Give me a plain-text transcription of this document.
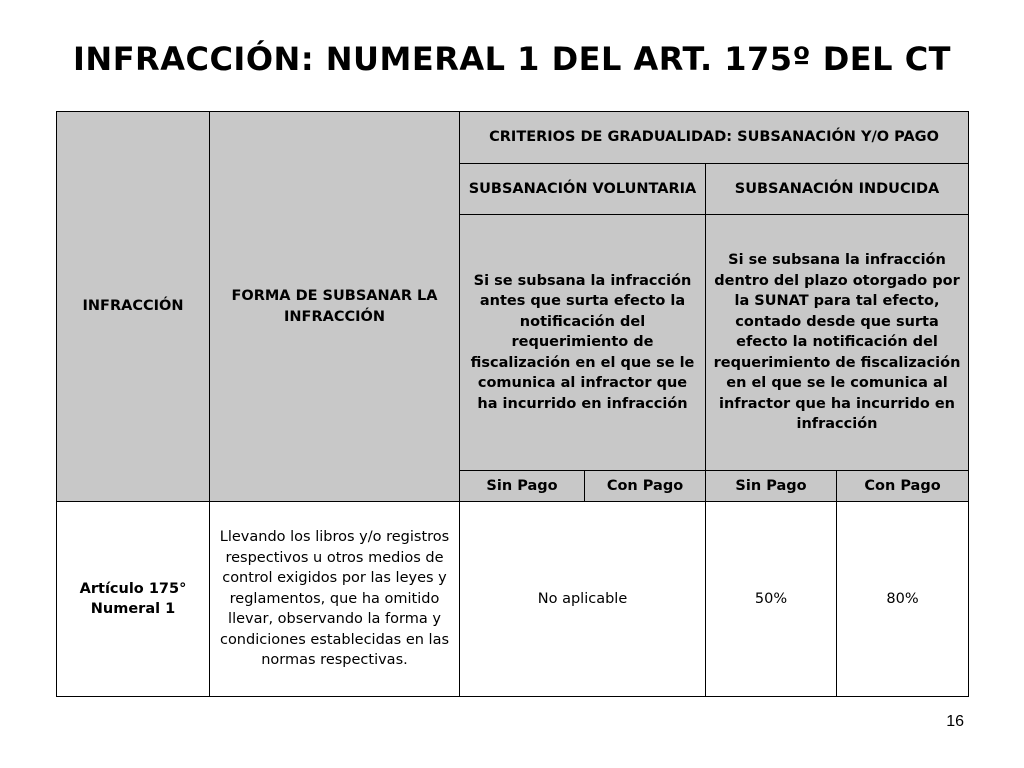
INFRACCIÓN: NUMERAL 1 DEL ART. 175º DEL CT
INFRACCIÓN	FORMA DE SUBSANAR LA INFRACCIÓN	CRITERIOS DE GRADUALIDAD: SUBSANACIÓN Y/O PAGO			
		SUBSANACIÓN VOLUNTARIA		SUBSANACIÓN INDUCIDA	
		Si se subsana la infracción antes que surta efecto la notificación del requerimiento de fiscalización en el que se le comunica al infractor que ha incurrido en infracción		Si se subsana la infracción dentro del plazo otorgado por la SUNAT para tal efecto, contado desde que surta efecto la notificación del requerimiento de fiscalización en el que se le comunica al infractor que ha incurrido en infracción	
		Sin Pago	Con Pago	Sin Pago	Con Pago
Artículo 175° Numeral 1	Llevando los libros y/o registros respectivos u otros medios de control exigidos por las leyes y reglamentos, que ha omitido llevar, observando la forma y condiciones establecidas en las normas respectivas.	No aplicable		50%	80%
16
